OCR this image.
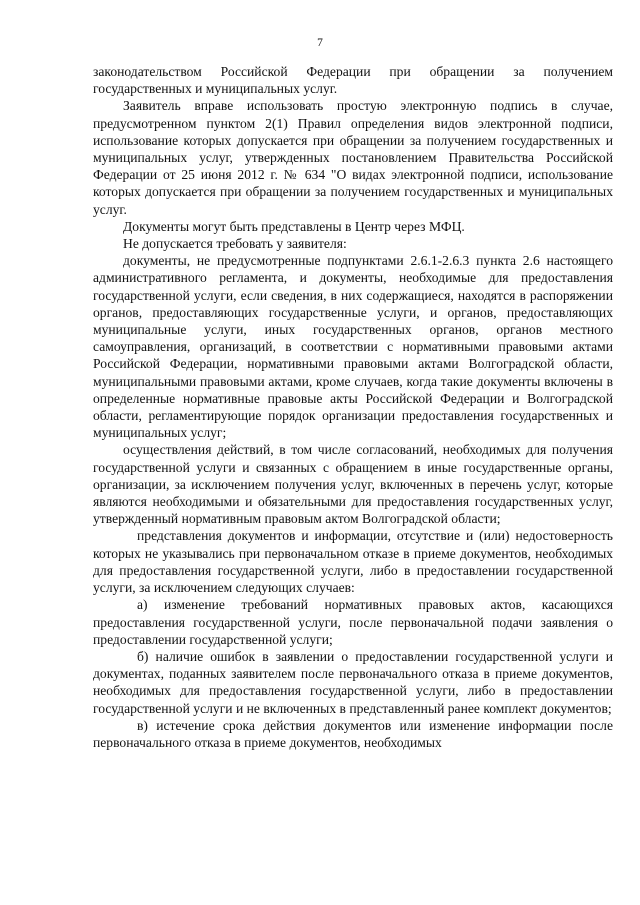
7

законодательством Российской Федерации при обращении за получением государственных и муниципальных услуг.

Заявитель вправе использовать простую электронную подпись в случае, предусмотренном пунктом 2(1) Правил определения видов электронной подписи, использование которых допускается при обращении за получением государственных и муниципальных услуг, утвержденных постановлением Правительства Российской Федерации от 25 июня 2012 г. № 634 "О видах электронной подписи, использование которых допускается при обращении за получением государственных и муниципальных услуг.

Документы могут быть представлены в Центр через МФЦ.

Не допускается требовать у заявителя:

документы, не предусмотренные подпунктами 2.6.1-2.6.3 пункта 2.6 настоящего административного регламента, и документы, необходимые для предоставления государственной услуги, если сведения, в них содержащиеся, находятся в распоряжении органов, предоставляющих государственные услуги, и органов, предоставляющих муниципальные услуги, иных государственных органов, органов местного самоуправления, организаций, в соответствии с нормативными правовыми актами Российской Федерации, нормативными правовыми актами Волгоградской области, муниципальными правовыми актами, кроме случаев, когда такие документы включены в определенные нормативные правовые акты Российской Федерации и Волгоградской области, регламентирующие порядок организации предоставления государственных и муниципальных услуг;

осуществления действий, в том числе согласований, необходимых для получения государственной услуги и связанных с обращением в иные государственные органы, организации, за исключением получения услуг, включенных в перечень услуг, которые являются необходимыми и обязательными для предоставления государственных услуг, утвержденный нормативным правовым актом Волгоградской области;

представления документов и информации, отсутствие и (или) недостоверность которых не указывались при первоначальном отказе в приеме документов, необходимых для предоставления государственной услуги, либо в предоставлении государственной услуги, за исключением следующих случаев:

а) изменение требований нормативных правовых актов, касающихся предоставления государственной услуги, после первоначальной подачи заявления о предоставлении государственной услуги;

б) наличие ошибок в заявлении о предоставлении государственной услуги и документах, поданных заявителем после первоначального отказа в приеме документов, необходимых для предоставления государственной услуги, либо в предоставлении государственной услуги и не включенных в представленный ранее комплект документов;

в) истечение срока действия документов или изменение информации после первоначального отказа в приеме документов, необходимых
